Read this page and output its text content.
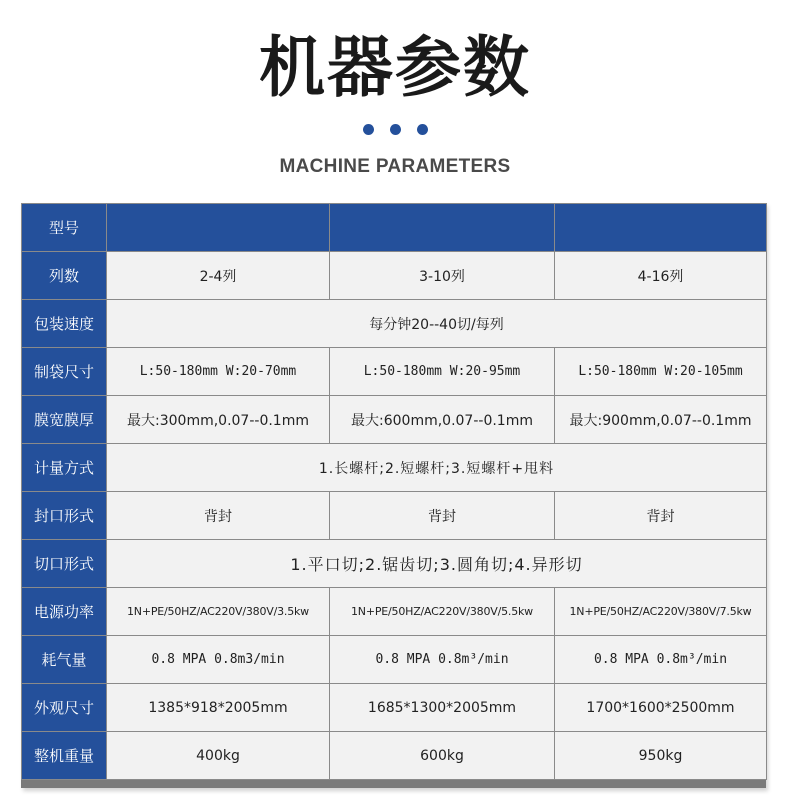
机器参数
MACHINE PARAMETERS
型号			
列数	2-4列	3-10列	4-16列
包装速度	每分钟20--40切/每列		
制袋尺寸	L:50-180mm W:20-70mm	L:50-180mm W:20-95mm	L:50-180mm W:20-105mm
膜宽膜厚	最大:300mm,0.07--0.1mm	最大:600mm,0.07--0.1mm	最大:900mm,0.07--0.1mm
计量方式	1.长螺杆;2.短螺杆;3.短螺杆+甩料		
封口形式	背封	背封	背封
切口形式	1.平口切;2.锯齿切;3.圆角切;4.异形切		
电源功率	1N+PE/50HZ/AC220V/380V/3.5kw	1N+PE/50HZ/AC220V/380V/5.5kw	1N+PE/50HZ/AC220V/380V/7.5kw
耗气量	0.8 MPA 0.8m3/min	0.8 MPA 0.8m³/min	0.8 MPA 0.8m³/min
外观尺寸	1385*918*2005mm	1685*1300*2005mm	1700*1600*2500mm
整机重量	400kg	600kg	950kg
